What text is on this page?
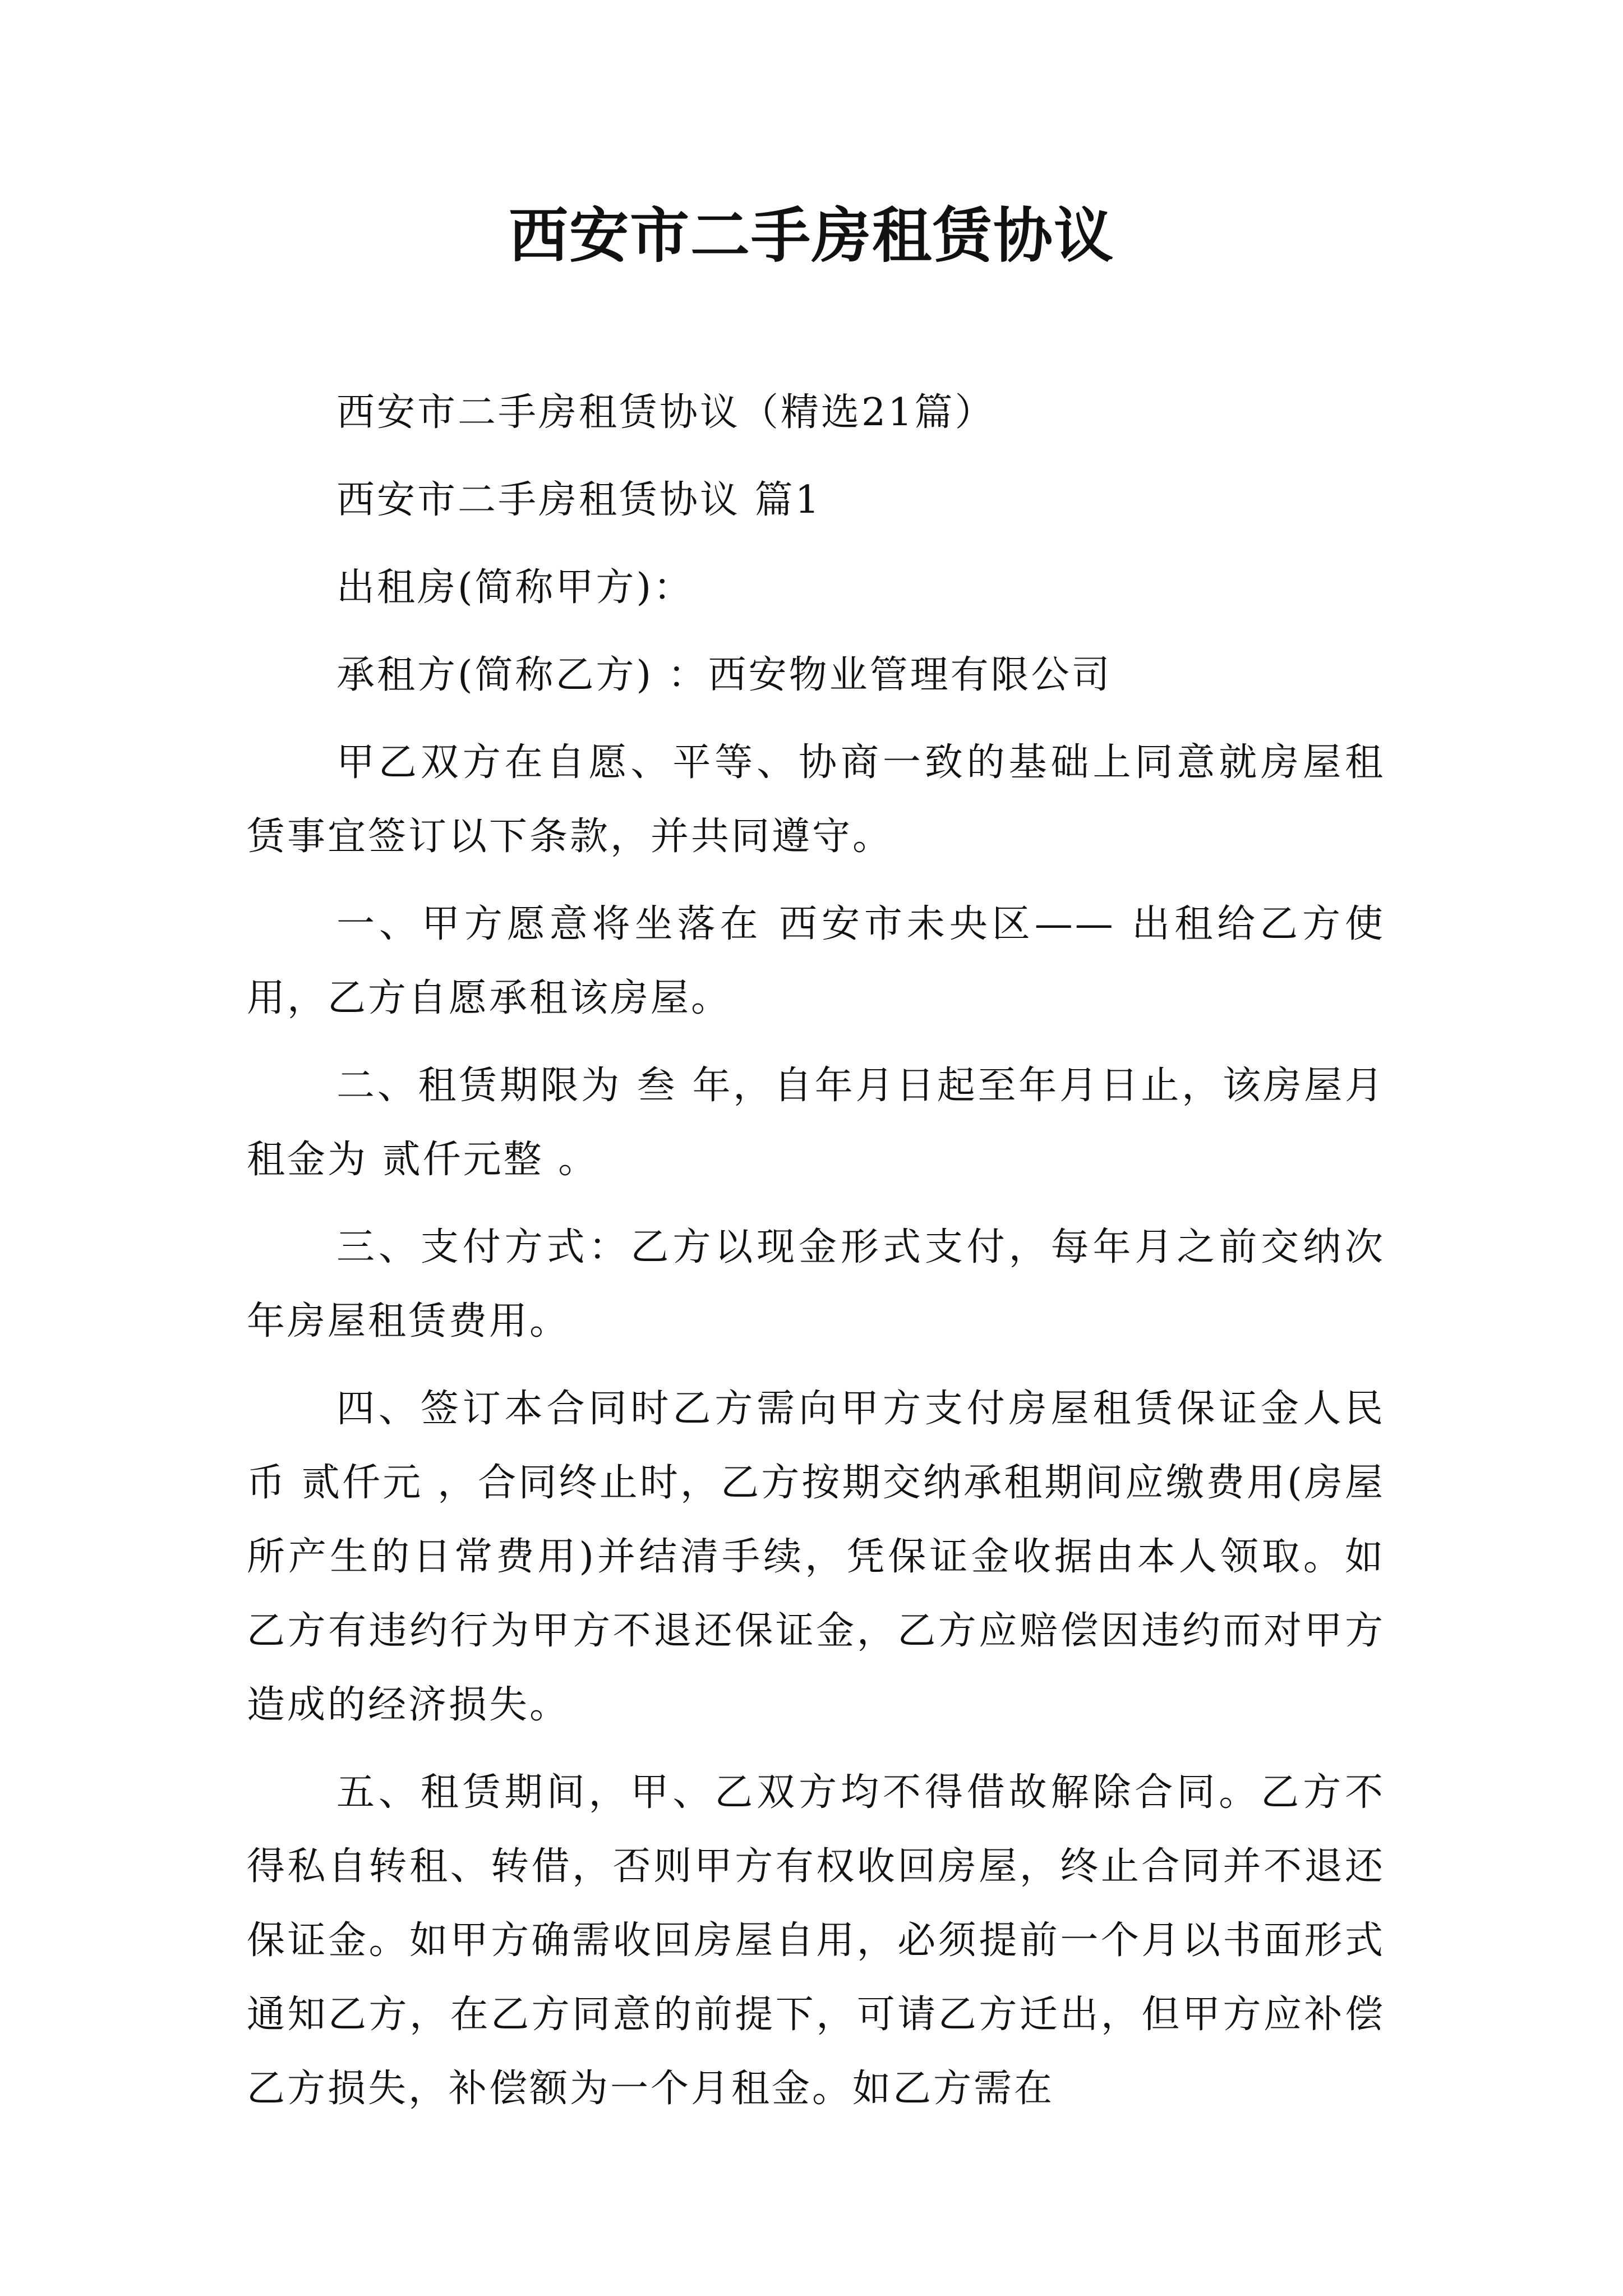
西安市二手房租赁协议

西安市二手房租赁协议（精选21篇）

西安市二手房租赁协议 篇1

出租房(简称甲方)：

承租方(简称乙方) ：西安物业管理有限公司

甲乙双方在自愿、平等、协商一致的基础上同意就房屋租赁事宜签订以下条款，并共同遵守。

一、甲方愿意将坐落在 西安市未央区—— 出租给乙方使用，乙方自愿承租该房屋。

二、租赁期限为 叁 年，自年月日起至年月日止，该房屋月租金为 贰仟元整 。

三、支付方式：乙方以现金形式支付，每年月之前交纳次年房屋租赁费用。

四、签订本合同时乙方需向甲方支付房屋租赁保证金人民币 贰仟元 ，合同终止时，乙方按期交纳承租期间应缴费用(房屋所产生的日常费用)并结清手续，凭保证金收据由本人领取。如乙方有违约行为甲方不退还保证金，乙方应赔偿因违约而对甲方造成的经济损失。

五、租赁期间，甲、乙双方均不得借故解除合同。乙方不得私自转租、转借，否则甲方有权收回房屋，终止合同并不退还保证金。如甲方确需收回房屋自用，必须提前一个月以书面形式通知乙方，在乙方同意的前提下，可请乙方迁出，但甲方应补偿乙方损失，补偿额为一个月租金。如乙方需在
